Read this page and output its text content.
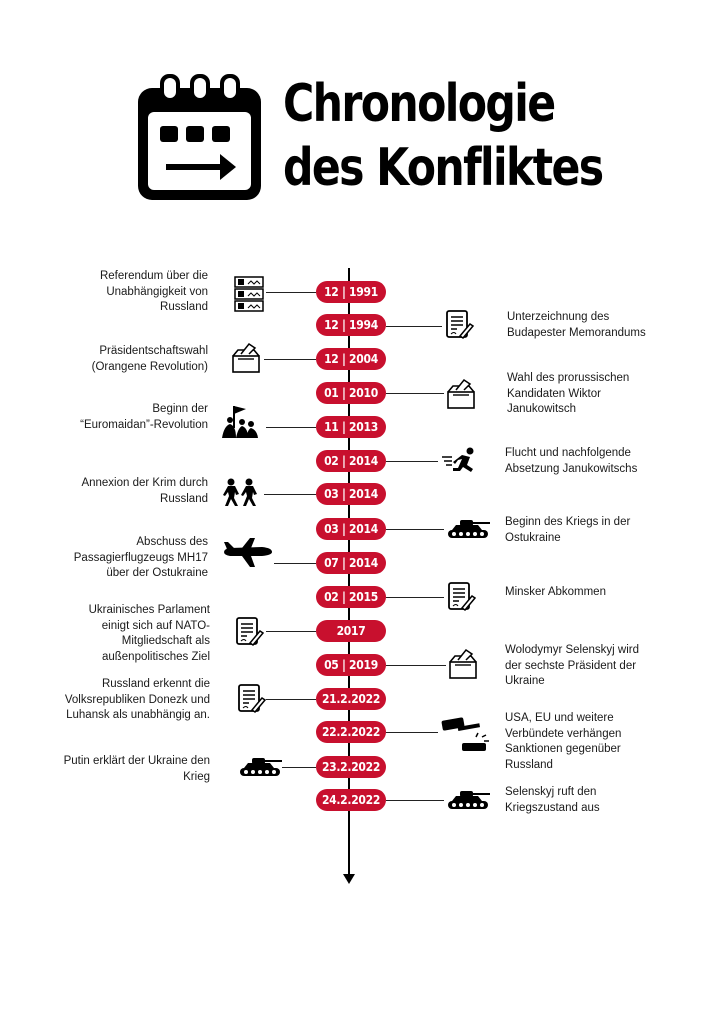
Chronologie
des Konfliktes
12 | 1991
Referendum über die Unabhängigkeit von Russland
12 | 1994
Unterzeichnung des Budapester Memorandums
12 | 2004
Präsidentschaftswahl (Orangene Revolution)
01 | 2010
Wahl des prorussischen Kandidaten Wiktor Janukowitsch
11 | 2013
Beginn der “Euromaidan”-Revolution
02 | 2014
Flucht und nachfolgende Absetzung Janukowitschs
03 | 2014
Annexion der Krim durch Russland
03 | 2014	Beginn des Kriegs in der Ostukraine
07 | 2014
Abschuss des Passagierflugzeugs MH17 über der Ostukraine
02 | 2015	Minsker Abkommen
2017
Ukrainisches Parlament einigt sich auf NATO-Mitgliedschaft als außenpolitisches Ziel
05 | 2019
Wolodymyr Selenskyj wird der sechste Präsident der Ukraine
21.2.2022
Russland erkennt die Volksrepubliken Donezk und Luhansk als unabhängig an.
22.2.2022
USA, EU und weitere Verbündete verhängen Sanktionen gegenüber Russland
23.2.2022
Putin erklärt der Ukraine den Krieg
24.2.2022
Selenskyj ruft den Kriegszustand aus
